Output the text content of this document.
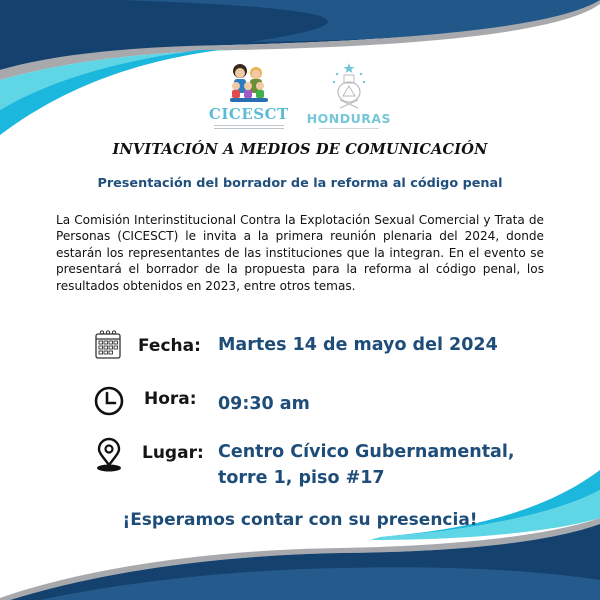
CICESCT HONDURAS
INVITACIÓN A MEDIOS DE COMUNICACIÓN
Presentación del borrador de la reforma al código penal
La Comisión Interinstitucional Contra la Explotación Sexual Comercial y Trata de Personas (CICESCT) le invita a la primera reunión plenaria del 2024, donde estarán los representantes de las instituciones que la integran. En el evento se presentará el borrador de la propuesta para la reforma al código penal, los resultados obtenidos en 2023, entre otros temas.
Fecha: Martes 14 de mayo del 2024
Hora: 09:30 am
Lugar: Centro Cívico Gubernamental,
torre 1, piso #17
¡Esperamos contar con su presencia!
